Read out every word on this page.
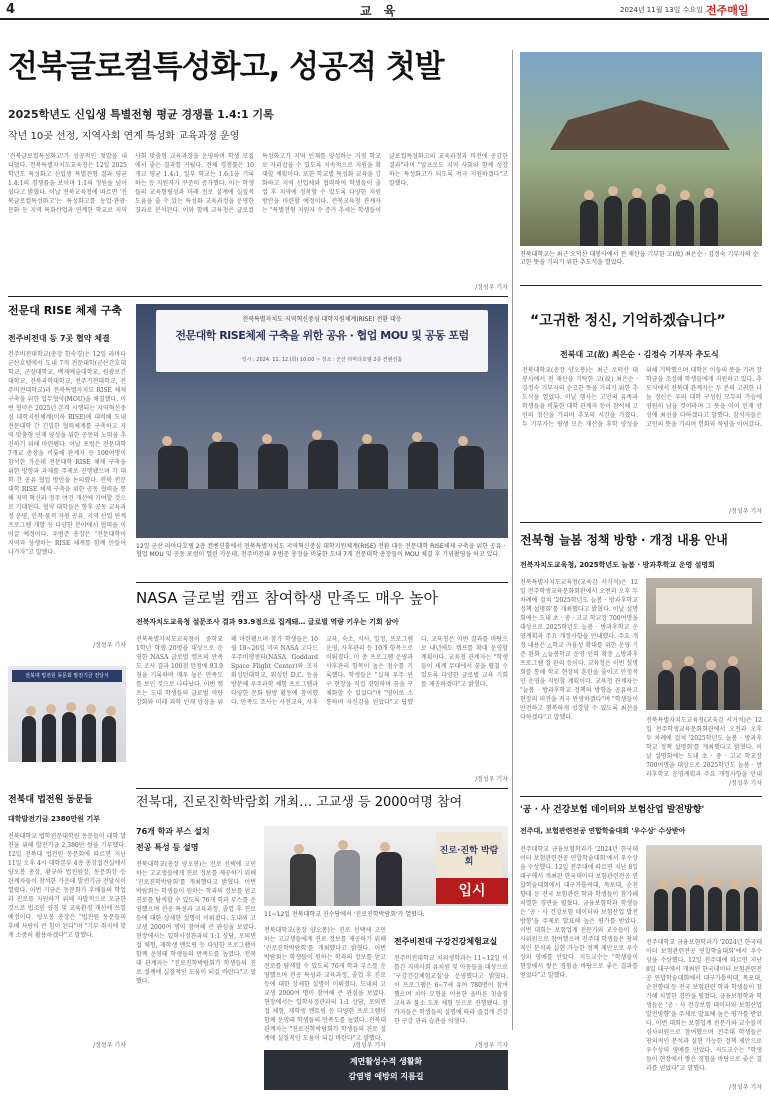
4	교 육	2024년 11월 13일 수요일 전주매일
전북글로컬특성화고, 성공적 첫발
2025학년도 신입생 특별전형 평균 경쟁률 1.4:1 기록
작년 10곳 선정, 지역사회 연계 특성화 교육과정 운영
'전북글로컬특성화고'가 성공적인 첫발을 내디뎠다. 전북특별자치도교육청은 12일 2025학년도 특성화고 신입생 특별전형 결과 평균 1.4:1의 경쟁률을 보이며 1:1의 정원을 넘어섰다고 밝혔다. 이날 전북교육청에 따르면 '전북글로컬특성화고'는 특성화고를 농업·관광·문화 등 지역 특화산업과 연계한 학교로 지역사회 맞춤형 교육과정을 운영하며 학생 모집에서 좋은 결과를 거뒀다. 전체 경쟁률은 10개교 평균 1.4:1, 일부 학교는 1.6:1을 기록하는 등 지원자가 꾸준히 증가했다. 이는 학생들의 교육형평성과 미래 진로 설계에 실질적 도움을 줄 수 있는 특성화 교육과정을 운영한 결과로 분석된다. 이와 함께 교육청은 글로컬특성화고가 지역 인재를 양성하는 거점 학교로 자리잡을 수 있도록 지속적으로 지원을 확대할 계획이다. 또한 학교별 특성화 교육을 강화하고 지역 산업체와 협력하여 학생들이 졸업 후 지역에 정착할 수 있도록 다양한 지원 방안을 마련할 예정이다. 전북교육청 관계자는 "특별전형 지원자 수 증가 추세는 학생들이 글로컬특성화고의 교육과정과 비전에 공감한 결과"라며 "앞으로도 지역 사회와 함께 성장하는 특성화고가 되도록 적극 지원하겠다"고 말했다.
/정성우 기자
전북대학교는 최근 오덕산 대봉사에서 전 재산을 기부한 고(故) 최은순 · 김정숙 기부자의 순고한 뜻을 기리기 위한 추도식을 열었다.
“고귀한 정신, 기억하겠습니다”
전북대 고(故) 최은순 · 김정숙 기부자 추도식
전북대학교(총장 양오봉)는 최근 오덕산 대봉사에서 전 재산을 기탁한 고(故) 최은순 · 김정숙 기부자의 순고한 뜻을 기리기 위한 추도식을 열었다. 이날 행사는 고인의 유족과 학생들을 비롯한 대학 관계자 등이 참석해 고인의 정신을 기리며 추모의 시간을 가졌다. 두 기부자는 평생 모은 재산을 후학 양성을 위해 기탁했으며 대학은 이들의 뜻을 기려 장학금을 조성해 학생들에게 지원하고 있다. 추도식에서 전북대 관계자는 두 분의 고귀한 나눔 정신은 우리 대학 구성원 모두의 가슴에 영원히 남을 것이라며 그 뜻을 이어 인재 양성에 최선을 다하겠다고 말했다. 참석자들은 고인의 뜻을 기리며 헌화와 묵념을 이어갔다.
/정성우 기자
전문대 RISE 체제 구축
전주비전대 등 7곳 협약 체결
전주비전대학교(총장 한숙경)는 12일 라마다 군산호텔에서 도내 7개 전문대학(군산간호대학교, 군장대학교, 백제예술대학교, 원광보건대학교, 전북과학대학교, 전주기전대학교, 전주비전대학교)과 전북특별자치도 RISE 체제 구축을 위한 업무협약(MOU)을 체결했다. 이번 협약은 2025년 본격 시행되는 지역혁신중심 대학지원체계(이하 RISE)에 대비해 도내 전문대학 간 긴밀한 협력체계를 구축하고 지역 맞춤형 인재 양성을 위한 공동의 노력을 추진하기 위해 마련됐다. 이날 포럼은 전문대학 7개교 총장을 비롯해 관계자 등 100여명이 참석한 가운데 전문대학 RISE 체제 구축을 위한 방향과 과제를 주제로 진행됐으며 각 대학 간 공유 협업 방안을 논의했다. 전북 전문대학 RISE 체제 구축을 위한 공동 협력을 통해 지역 혁신과 정주 여건 개선에 기여할 것으로 기대된다. 협약 대학들은 향후 공동 교육과정 운영, 인적·물적 자원 공유, 지역 산업 연계 프로그램 개발 등 다양한 분야에서 협력을 이어갈 예정이다. 우범준 총장은 "전문대학이 지역과 상생하는 RISE 체계를 함께 만들어 나가자"고 말했다.
/정성우 기자
전북특별자치도 지역혁신중심 대학지원체계(RISE) 전환 대응
전문대학 RISE체제 구축을 위한 공유 · 협업 MOU 및 공동 포럼
일시 : 2024. 11. 12.(화) 10:00 ~ 장소 : 군산 라마다호텔 2층 컨벤션홀
12일 군산 라마다호텔 2층 컨벤션홀에서 전북특별자치도 지역혁신중심 대학지원체계(RISE) 전환 대응 전문대학 RISE체제 구축을 위한 공유 · 협업 MOU 및 공동 포럼이 열린 가운데, 전주비전대 우범준 총장을 비롯한 도내 7개 전문대학 총장들이 MOU 체결 후 기념촬영을 하고 있다.
NASA 글로벌 캠프 참여학생 만족도 매우 높아
전북자치도교육청 설문조사 결과 93.9점으로 집계돼… 글로벌 역량 키우는 기회 삼아
전북특별자치도교육청이 중학교 1학년 학생 20명을 대상으로 운영한 NASA 글로벌 캠프의 만족도 조사 결과 100점 만점에 93.9점을 기록하며 매우 높은 만족도를 보인 것으로 나타났다. 이번 캠프는 도내 학생들의 글로벌 역량 강화와 미래 과학 인재 양성을 위해 마련됐으며 참가 학생들은 10월 18~26일 미국 NASA 고다드 우주비행센터(NASA Goddard Space Flight Center)와 조지워싱턴대학교, 워싱턴 D.C. 등을 방문해 우주과학 체험 프로그램과 다양한 문화 탐방 활동에 참여했다. 만족도 조사는 사전교육, 사후교육, 숙소, 식사, 일정, 프로그램 운영, 사후관리 등 10개 항목으로 이뤄졌다. 이 중 프로그램 운영과 사후관리 항목이 높은 점수를 기록했다. 학생들은 "실제 우주 연구 현장을 직접 경험하며 꿈을 구체화할 수 있었다"며 "영어로 소통하며 자신감을 얻었다"고 답했다. 교육청은 이번 결과를 바탕으로 내년에도 캠프를 확대 운영할 계획이다. 교육청 관계자는 "학생들이 세계 무대에서 꿈을 펼칠 수 있도록 다양한 글로벌 교육 기회를 제공하겠다"고 밝혔다.
/정성우 기자
전북대 법전원 동문회 발전기금 전달식
전북대 법전원 동문들
대학발전기금 2380만원 기부
전북대학교 법학전문대학원 동문들이 대학 발전을 위해 발전기금 2,380만 원을 기부했다. 12일 전북대 법전원 동문회에 따르면 지난 11일 오후 4시 대학본부 4층 총장접견실에서 양오봉 총장, 황규하 법전원장, 동문회장 등 관계자들이 참석한 가운데 발전기금 전달식이 열렸다. 이번 기금은 동문회가 후배들의 학업과 진로를 지원하기 위해 자발적으로 모금한 것으로 법조인 양성 및 교육환경 개선에 쓰일 예정이다. 양오봉 총장은 "법전원 동문들의 후배 사랑이 큰 힘이 된다"며 "기부 취지에 맞게 소중히 활용하겠다"고 말했다.
/정성우 기자
전북대, 진로진학박람회 개최… 고교생 등 2000여명 참여
76개 학과 부스 설치
전공 특성 등 설명
전북대학교(총장 양오봉)는 진로 선택에 고민하는 고교생들에게 진로 정보를 제공하기 위해 '진로진학박람회'를 개최했다고 밝혔다. 이번 박람회는 학생들이 원하는 학과의 정보를 얻고 진로를 탐색할 수 있도록 76개 학과 부스를 운영했으며 전공 특성과 교육과정, 졸업 후 진로 등에 대한 상세한 설명이 이뤄졌다. 도내외 고교생 2000여 명이 참여해 큰 관심을 보였다. 현장에서는 입학사정관과의 1:1 상담, 모의면접 체험, 재학생 멘토링 등 다양한 프로그램이 함께 운영돼 학생들의 만족도를 높였다. 전북대 관계자는 "진로진학박람회가 학생들의 진로 설계에 실질적인 도움이 되길 바란다"고 말했다.
진로·진학 박람회
입시
11~12일 전북대학교 진수당에서 '진로진학박람회'가 열렸다.
전북대학교(총장 양오봉)는 진로 선택에 고민하는 고교생들에게 진로 정보를 제공하기 위해 '진로진학박람회'를 개최했다고 밝혔다. 이번 박람회는 학생들이 원하는 학과의 정보를 얻고 진로를 탐색할 수 있도록 76개 학과 부스를 운영했으며 전공 특성과 교육과정, 졸업 후 진로 등에 대한 상세한 설명이 이뤄졌다. 도내외 고교생 2000여 명이 참여해 큰 관심을 보였다. 현장에서는 입학사정관과의 1:1 상담, 모의면접 체험, 재학생 멘토링 등 다양한 프로그램이 함께 운영돼 학생들의 만족도를 높였다. 전북대 관계자는 "진로진학박람회가 학생들의 진로 설계에 실질적인 도움이 되길 바란다"고 말했다.
/정성우 기자
전주비전대 구강건강체험교실
전주비전대학교 치위생학과는 11~12일 이틀간 지역사회 유치원 및 아동들을 대상으로 '구강건강체험교실'을 운영했다고 밝혔다. 이 프로그램은 6~7세 유아 780명이 참여했으며 치아 모형을 이용한 올바른 칫솔질 교육과 불소 도포 체험 등으로 진행됐다. 참가자들은 학생들의 설명에 따라 즐겁게 건강한 구강 관리 습관을 익혔다.
/정성우 기자
계면활성수적 생활화
감염병 예방의 지름길
전북형 늘봄 정책 방향 · 개정 내용 안내
전북자치도교육청, 2025학년도 늘봄 · 방과후학교 운영 설명회
전북특별자치도교육청(교육감 서거석)은 12일 전주학생교육문화회관에서 오전과 오후 두 차례에 걸쳐 '2025학년도 늘봄 · 방과후학교 정책 설명회'를 개최했다고 밝혔다. 이날 설명회에는 도내 초 · 중 · 고교 학교장 700여명을 대상으로 2025학년도 늘봄 · 방과후학교 운영계획과 주요 개정사항을 안내했다. 주요 개정 내용은 △학교 자율성 확대를 위한 운영 기준 완화 △늘봄학교 운영 인력 확충 △방과후 프로그램 질 관리 등이다. 교육청은 이번 설명회를 통해 학교 현장의 혼란을 줄이고 안정적인 운영을 지원할 계획이다. 교육청 관계자는 "늘봄 · 방과후학교 정책의 방향을 공유하고 현장의 의견을 적극 반영하겠다"며 "학생들이 안전하고 행복하게 성장할 수 있도록 최선을 다하겠다"고 말했다.	전북특별자치도교육청(교육감 서거석)은 12일 전주학생교육문화회관에서 오전과 오후 두 차례에 걸쳐 '2025학년도 늘봄 · 방과후학교 정책 설명회'를 개최했다고 밝혔다. 이날 설명회에는 도내 초 · 중 · 고교 학교장 700여명을 대상으로 2025학년도 늘봄 · 방과후학교 운영계획과 주요 개정사항을 안내
/정성우 기자
'공 · 사 건강보험 데이터와 보험산업 발전방향'
전주대, 보험관련전공 연합학술대회 '우수상' 수상받아
전주대학교 금융보험학과가 '2024년 한국데이터 보험관련전공 연합학술대회'에서 우수상을 수상했다. 12일 전주대에 따르면 지난 8일 대구에서 개최된 한국데이터 보험관련전공 연합학술대회에서 대구가톨릭대, 목포대, 순천향대 등 전국 보험관련 학과 학생들이 참가해 치열한 경연을 펼쳤다. 금융보험학과 학생들은 '공 · 사 건강보험 데이터와 보험산업 발전방향'을 주제로 발표해 높은 평가를 받았다. 이번 대회는 보험업계 전문가와 교수들이 심사위원으로 참여했으며 전주대 학생들은 창의적인 분석과 실현 가능한 정책 제안으로 우수상의 영예를 안았다. 지도교수는 "학생들이 현장에서 쌓은 경험을 바탕으로 좋은 결과를 얻었다"고 말했다.
전주대학교 금융보험학과가 '2024년 한국데이터 보험관련전공 연합학술대회'에서 우수상을 수상했다. 12일 전주대에 따르면 지난 8일 대구에서 개최된 한국데이터 보험관련전공 연합학술대회에서 대구가톨릭대, 목포대, 순천향대 등 전국 보험관련 학과 학생들이 참가해 치열한 경연을 펼쳤다. 금융보험학과 학생들은 '공 · 사 건강보험 데이터와 보험산업 발전방향'을 주제로 발표해 높은 평가를 받았다. 이번 대회는 보험업계 전문가와 교수들이 심사위원으로 참여했으며 전주대 학생들은 창의적인 분석과 실현 가능한 정책 제안으로 우수상의 영예를 안았다. 지도교수는 "학생들이 현장에서 쌓은 경험을 바탕으로 좋은 결과를 얻었다"고 말했다.
/정성우 기자
